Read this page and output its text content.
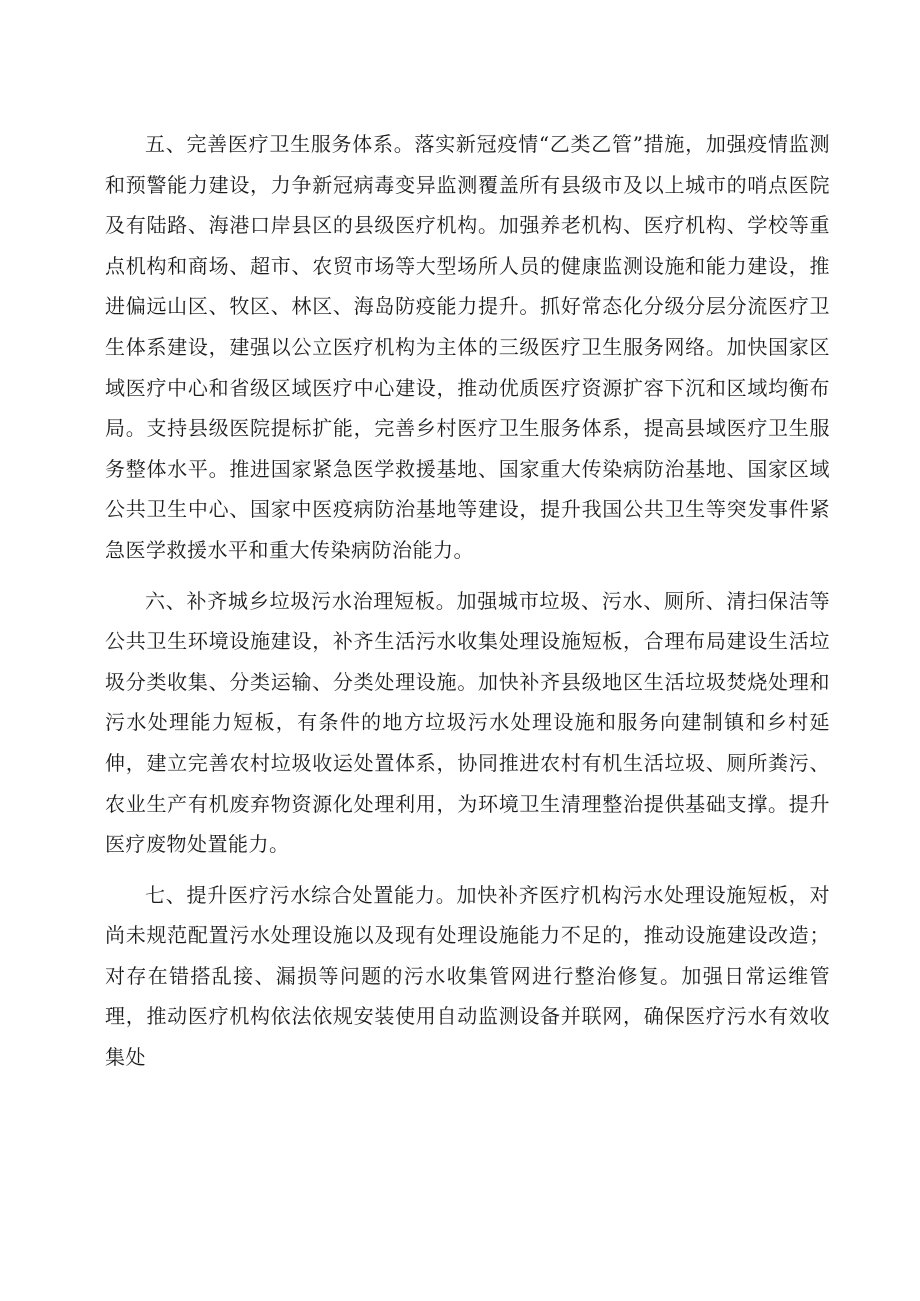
五、完善医疗卫生服务体系。落实新冠疫情“乙类乙管”措施，加强疫情监测和预警能力建设，力争新冠病毒变异监测覆盖所有县级市及以上城市的哨点医院及有陆路、海港口岸县区的县级医疗机构。加强养老机构、医疗机构、学校等重点机构和商场、超市、农贸市场等大型场所人员的健康监测设施和能力建设，推进偏远山区、牧区、林区、海岛防疫能力提升。抓好常态化分级分层分流医疗卫生体系建设，建强以公立医疗机构为主体的三级医疗卫生服务网络。加快国家区域医疗中心和省级区域医疗中心建设，推动优质医疗资源扩容下沉和区域均衡布局。支持县级医院提标扩能，完善乡村医疗卫生服务体系，提高县域医疗卫生服务整体水平。推进国家紧急医学救援基地、国家重大传染病防治基地、国家区域公共卫生中心、国家中医疫病防治基地等建设，提升我国公共卫生等突发事件紧急医学救援水平和重大传染病防治能力。

六、补齐城乡垃圾污水治理短板。加强城市垃圾、污水、厕所、清扫保洁等公共卫生环境设施建设，补齐生活污水收集处理设施短板，合理布局建设生活垃圾分类收集、分类运输、分类处理设施。加快补齐县级地区生活垃圾焚烧处理和污水处理能力短板，有条件的地方垃圾污水处理设施和服务向建制镇和乡村延伸，建立完善农村垃圾收运处置体系，协同推进农村有机生活垃圾、厕所粪污、农业生产有机废弃物资源化处理利用，为环境卫生清理整治提供基础支撑。提升医疗废物处置能力。

七、提升医疗污水综合处置能力。加快补齐医疗机构污水处理设施短板，对尚未规范配置污水处理设施以及现有处理设施能力不足的，推动设施建设改造；对存在错搭乱接、漏损等问题的污水收集管网进行整治修复。加强日常运维管理，推动医疗机构依法依规安装使用自动监测设备并联网，确保医疗污水有效收集处
